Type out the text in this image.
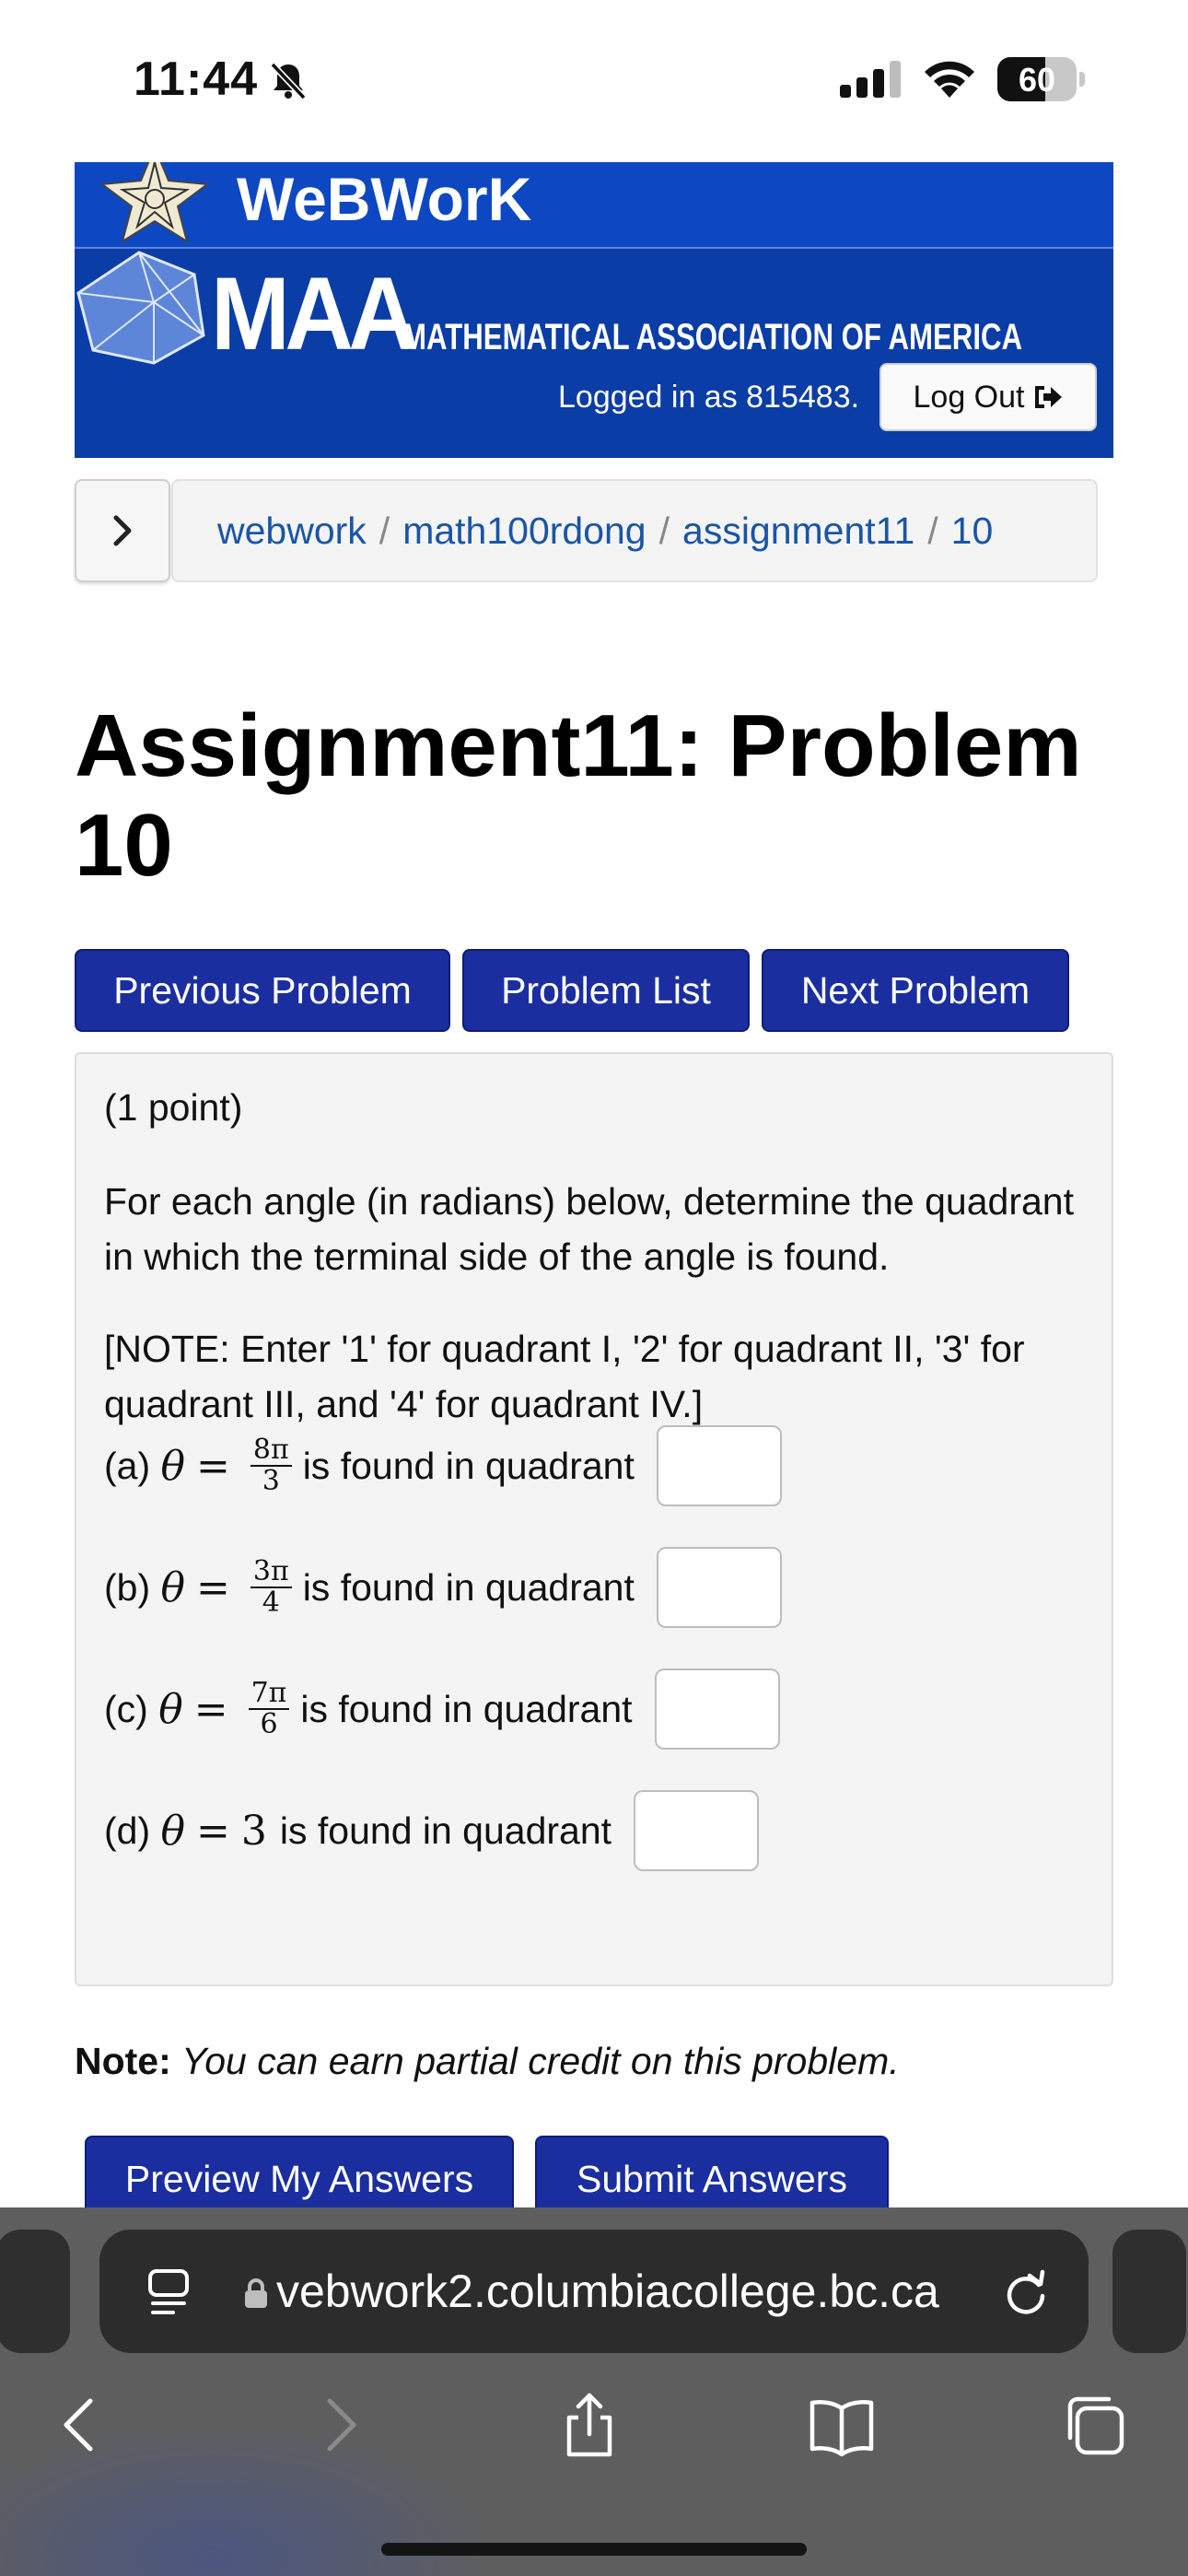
11:44	60
WeBWorK
MAA
MATHEMATICAL ASSOCIATION OF AMERICA
Logged in as 815483. Log Out
webwork / math100rdong / assignment11 / 10
Assignment11: Problem 10
Previous Problem	Problem List	Next Problem
(1 point)
For each angle (in radians) below, determine the quadrant in which the terminal side of the angle is found.
[NOTE: Enter '1' for quadrant I, '2' for quadrant II, '3' for quadrant III, and '4' for quadrant IV.]
(a)
$\theta = \frac{8\pi}{3}$ is found in quadrant
(b)
$\theta = \frac{3\pi}{4}$ is found in quadrant
(c)
$\theta = \frac{7\pi}{6}$ is found in quadrant
(d)
θ = 3 is found in quadrant
Note: You can earn partial credit on this problem.
Preview My Answers	Submit Answers
vebwork2.columbiacollege.bc.ca
